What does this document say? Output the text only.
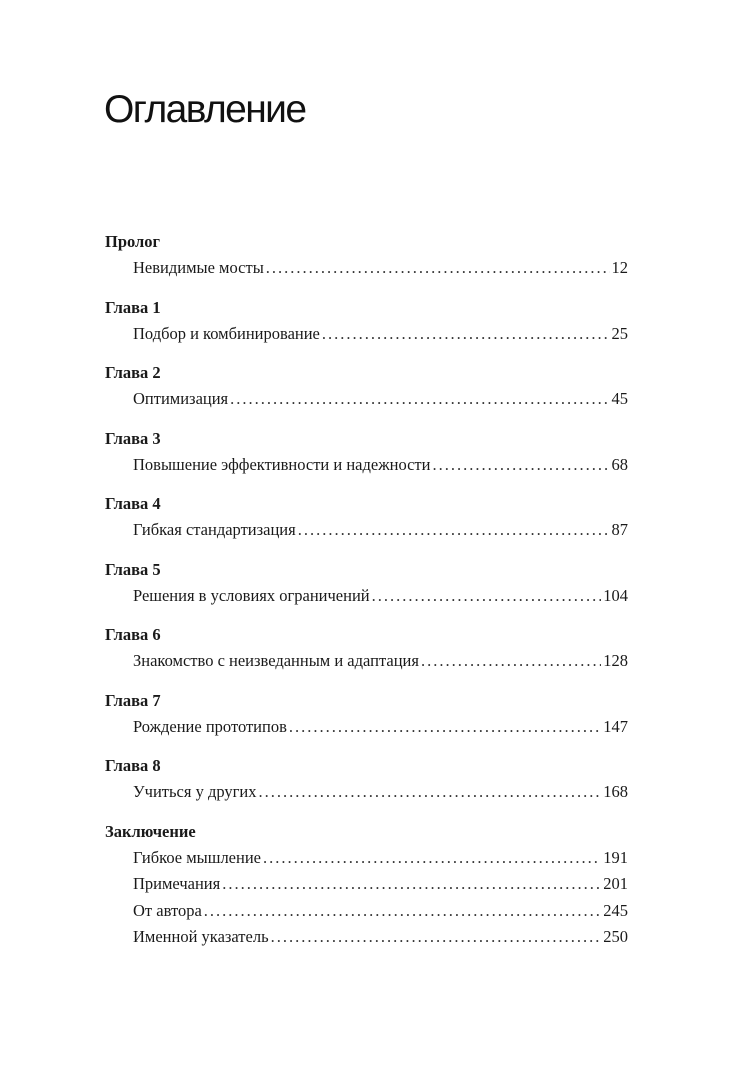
Оглавление
Пролог
Невидимые мосты .....	12
Глава 1
Подбор и комбинирование .....	25
Глава 2
Оптимизация .....	45
Глава 3
Повышение эффективности и надежности .....	68
Глава 4
Гибкая стандартизация .....	87
Глава 5
Решения в условиях ограничений .....	104
Глава 6
Знакомство с неизведанным и адаптация .....	128
Глава 7
Рождение прототипов .....	147
Глава 8
Учиться у других .....	168
Заключение
Гибкое мышление .....	191
Примечания .....	201
От автора .....	245
Именной указатель .....	250
